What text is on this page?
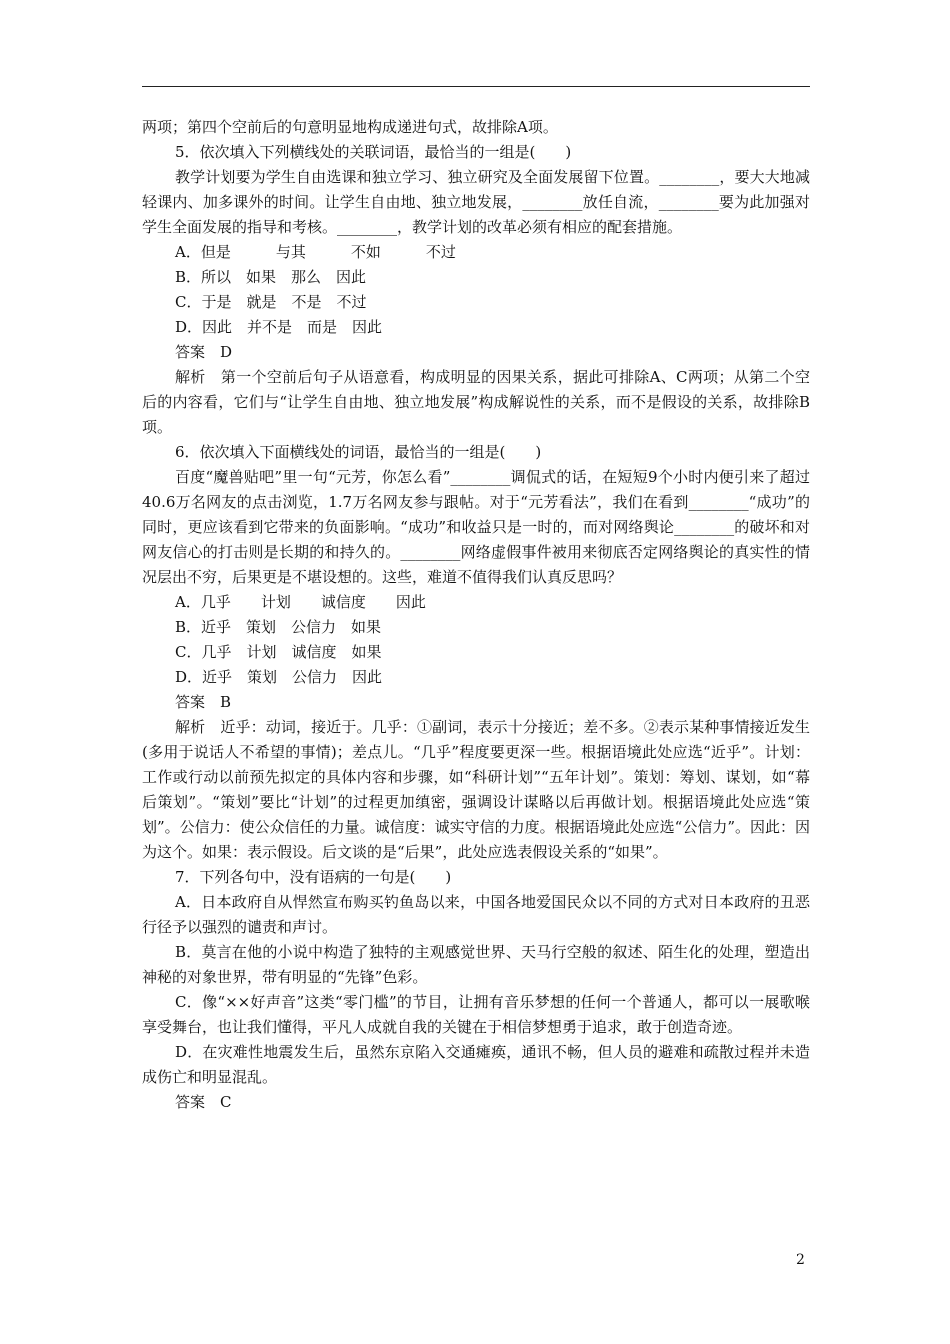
两项；第四个空前后的句意明显地构成递进句式，故排除A项。

5．依次填入下列横线处的关联词语，最恰当的一组是(　　)

教学计划要为学生自由选课和独立学习、独立研究及全面发展留下位置。________，要大大地减轻课内、加多课外的时间。让学生自由地、独立地发展，________放任自流，________要为此加强对学生全面发展的指导和考核。________，教学计划的改革必须有相应的配套措施。

A．但是　　　与其　　　不如　　　不过

B．所以　如果　那么　因此

C．于是　就是　不是　不过

D．因此　并不是　而是　因此

答案　D

解析　第一个空前后句子从语意看，构成明显的因果关系，据此可排除A、C两项；从第二个空后的内容看，它们与“让学生自由地、独立地发展”构成解说性的关系，而不是假设的关系，故排除B项。

6．依次填入下面横线处的词语，最恰当的一组是(　　)

百度“魔兽贴吧”里一句“元芳，你怎么看”________调侃式的话，在短短9个小时内便引来了超过40.6万名网友的点击浏览，1.7万名网友参与跟帖。对于“元芳看法”，我们在看到________“成功”的同时，更应该看到它带来的负面影响。“成功”和收益只是一时的，而对网络舆论________的破坏和对网友信心的打击则是长期的和持久的。________网络虚假事件被用来彻底否定网络舆论的真实性的情况层出不穷，后果更是不堪设想的。这些，难道不值得我们认真反思吗？

A．几乎　　计划　　诚信度　　因此

B．近乎　策划　公信力　如果

C．几乎　计划　诚信度　如果

D．近乎　策划　公信力　因此

答案　B

解析　近乎：动词，接近于。几乎：①副词，表示十分接近；差不多。②表示某种事情接近发生(多用于说话人不希望的事情)；差点儿。“几乎”程度要更深一些。根据语境此处应选“近乎”。计划：工作或行动以前预先拟定的具体内容和步骤，如“科研计划”“五年计划”。策划：筹划、谋划，如“幕后策划”。“策划”要比“计划”的过程更加缜密，强调设计谋略以后再做计划。根据语境此处应选“策划”。公信力：使公众信任的力量。诚信度：诚实守信的力度。根据语境此处应选“公信力”。因此：因为这个。如果：表示假设。后文谈的是“后果”，此处应选表假设关系的“如果”。

7．下列各句中，没有语病的一句是(　　)

A．日本政府自从悍然宣布购买钓鱼岛以来，中国各地爱国民众以不同的方式对日本政府的丑恶行径予以强烈的谴责和声讨。

B．莫言在他的小说中构造了独特的主观感觉世界、天马行空般的叙述、陌生化的处理，塑造出神秘的对象世界，带有明显的“先锋”色彩。

C．像“××好声音”这类“零门槛”的节目，让拥有音乐梦想的任何一个普通人，都可以一展歌喉享受舞台，也让我们懂得，平凡人成就自我的关键在于相信梦想勇于追求，敢于创造奇迹。

D．在灾难性地震发生后，虽然东京陷入交通瘫痪，通讯不畅，但人员的避难和疏散过程并未造成伤亡和明显混乱。

答案　C

2
